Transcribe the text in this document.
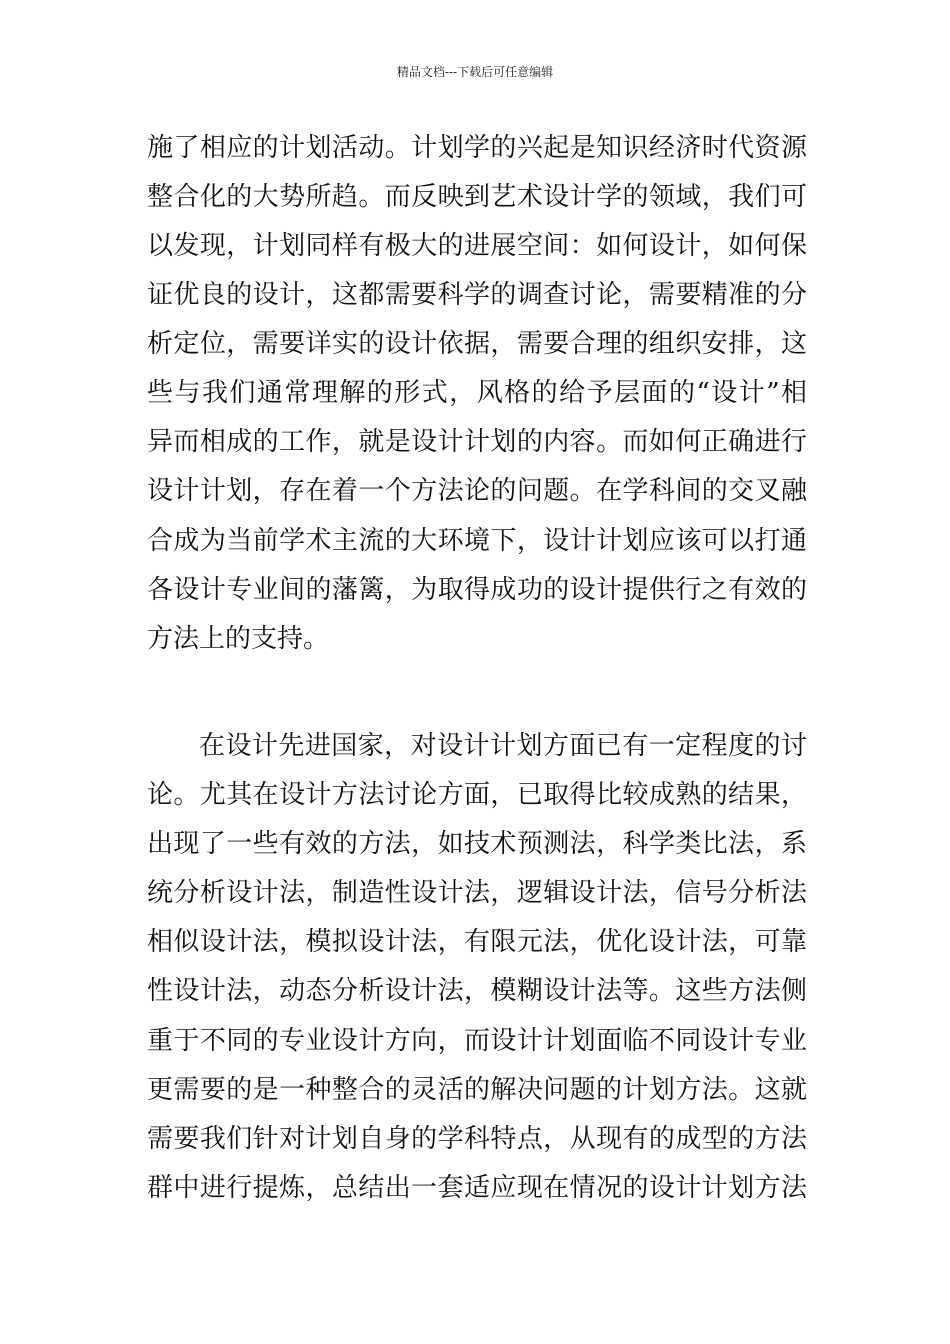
精品文档---下载后可任意编辑
施了相应的计划活动。计划学的兴起是知识经济时代资源
整合化的大势所趋。而反映到艺术设计学的领域，我们可
以发现，计划同样有极大的进展空间：如何设计，如何保
证优良的设计，这都需要科学的调查讨论，需要精准的分
析定位，需要详实的设计依据，需要合理的组织安排，这
些与我们通常理解的形式，风格的给予层面的“设计”相
异而相成的工作，就是设计计划的内容。而如何正确进行
设计计划，存在着一个方法论的问题。在学科间的交叉融
合成为当前学术主流的大环境下，设计计划应该可以打通
各设计专业间的藩篱，为取得成功的设计提供行之有效的
方法上的支持。
在设计先进国家，对设计计划方面已有一定程度的讨
论。尤其在设计方法讨论方面，已取得比较成熟的结果，
出现了一些有效的方法，如技术预测法，科学类比法，系
统分析设计法，制造性设计法，逻辑设计法，信号分析法
相似设计法，模拟设计法，有限元法，优化设计法，可靠
性设计法，动态分析设计法，模糊设计法等。这些方法侧
重于不同的专业设计方向，而设计计划面临不同设计专业
更需要的是一种整合的灵活的解决问题的计划方法。这就
需要我们针对计划自身的学科特点，从现有的成型的方法
群中进行提炼，总结出一套适应现在情况的设计计划方法
